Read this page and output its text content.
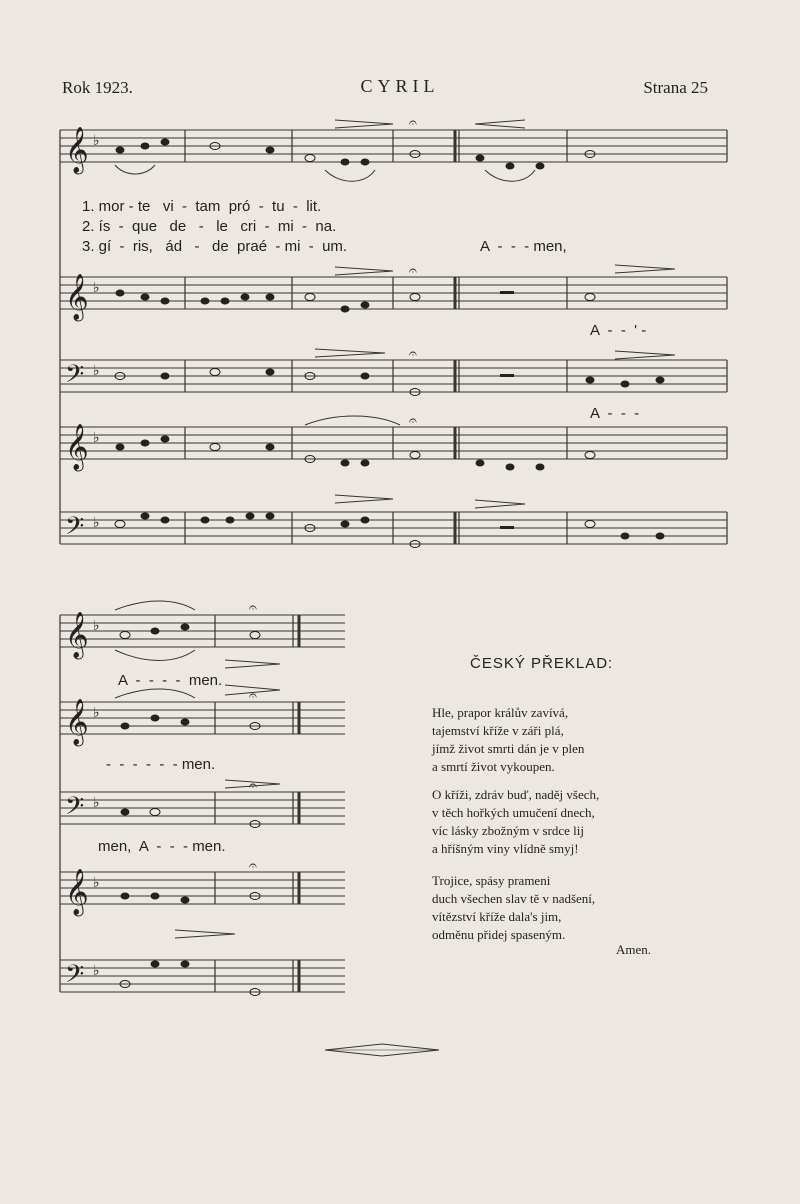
Rok 1923.	CYRIL	Strana 25
𝄞 ♭
𝄞 ♭
𝄢 ♭
𝄞 ♭
𝄢 ♭
𝄐
𝄐
𝄐
𝄐
1. mor - te   vi  -  tam  pró  -  tu  -  lit.
2. ís  -  que   de   -   le   cri  -  mi  -  na.
3. gí  -  ris,   ád   -   de  praé  - mi  -  um.	A  -  -  - men,
A  -  -  ' -
A  -  -  -
𝄞 ♭
𝄞 ♭
𝄢 ♭
𝄞 ♭
𝄢 ♭
𝄐
𝄐
𝄐
𝄐
A  -  -  -  -  men.
-  -  -  -  -  - men.
men,  A  -  -  - men.
ČESKÝ PŘEKLAD:
Hle, prapor králův zavívá,
tajemství kříže v záři plá,
jímž život smrti dán je v plen
a smrtí život vykoupen.
O kříži, zdráv buď, naděj všech,
v těch hořkých umučení dnech,
víc lásky zbožným v srdce lij
a hříšným viny vlídně smyj!
Trojice, spásy prameni
duch všechen slav tě v nadšení,
vítězství kříže dala's jim,
odměnu přidej spaseným.
Amen.
